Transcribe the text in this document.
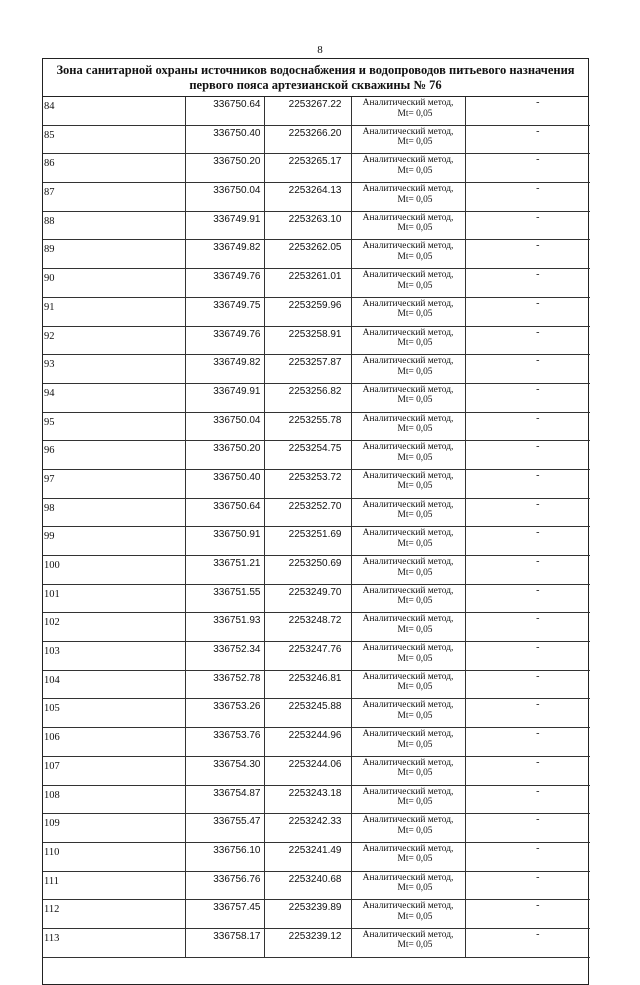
8
Зона санитарной охраны источников водоснабжения и водопроводов питьевого назначения
первого пояса артезианской скважины № 76
84	336750.64	2253267.22	Аналитический метод,
Mt= 0,05	-
85	336750.40	2253266.20	Аналитический метод,
Mt= 0,05	-
86	336750.20	2253265.17	Аналитический метод,
Mt= 0,05	-
87	336750.04	2253264.13	Аналитический метод,
Mt= 0,05	-
88	336749.91	2253263.10	Аналитический метод,
Mt= 0,05	-
89	336749.82	2253262.05	Аналитический метод,
Mt= 0,05	-
90	336749.76	2253261.01	Аналитический метод,
Mt= 0,05	-
91	336749.75	2253259.96	Аналитический метод,
Mt= 0,05	-
92	336749.76	2253258.91	Аналитический метод,
Mt= 0,05	-
93	336749.82	2253257.87	Аналитический метод,
Mt= 0,05	-
94	336749.91	2253256.82	Аналитический метод,
Mt= 0,05	-
95	336750.04	2253255.78	Аналитический метод,
Mt= 0,05	-
96	336750.20	2253254.75	Аналитический метод,
Mt= 0,05	-
97	336750.40	2253253.72	Аналитический метод,
Mt= 0,05	-
98	336750.64	2253252.70	Аналитический метод,
Mt= 0,05	-
99	336750.91	2253251.69	Аналитический метод,
Mt= 0,05	-
100	336751.21	2253250.69	Аналитический метод,
Mt= 0,05	-
101	336751.55	2253249.70	Аналитический метод,
Mt= 0,05	-
102	336751.93	2253248.72	Аналитический метод,
Mt= 0,05	-
103	336752.34	2253247.76	Аналитический метод,
Mt= 0,05	-
104	336752.78	2253246.81	Аналитический метод,
Mt= 0,05	-
105	336753.26	2253245.88	Аналитический метод,
Mt= 0,05	-
106	336753.76	2253244.96	Аналитический метод,
Mt= 0,05	-
107	336754.30	2253244.06	Аналитический метод,
Mt= 0,05	-
108	336754.87	2253243.18	Аналитический метод,
Mt= 0,05	-
109	336755.47	2253242.33	Аналитический метод,
Mt= 0,05	-
110	336756.10	2253241.49	Аналитический метод,
Mt= 0,05	-
111	336756.76	2253240.68	Аналитический метод,
Mt= 0,05	-
112	336757.45	2253239.89	Аналитический метод,
Mt= 0,05	-
113	336758.17	2253239.12	Аналитический метод,
Mt= 0,05	-
